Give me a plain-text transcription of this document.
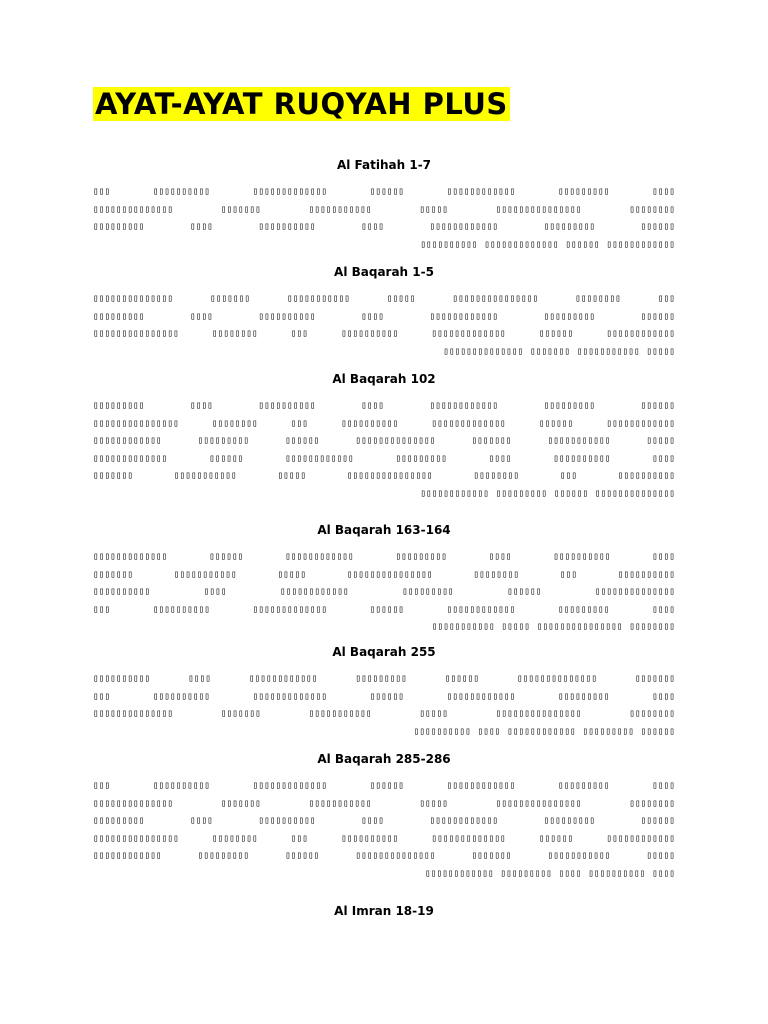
AYAT-AYAT RUQYAH PLUS
Al Fatihah 1-7
▯▯▯▯ ▯▯▯▯▯▯▯▯▯ ▯▯▯▯▯▯▯▯▯▯▯▯ ▯▯▯▯▯▯ ▯▯▯▯▯▯▯▯▯▯▯▯▯ ▯▯▯▯▯▯▯▯▯▯ ▯▯▯
▯▯▯▯▯▯▯▯ ▯▯▯▯▯▯▯▯▯▯▯▯▯▯▯ ▯▯▯▯▯ ▯▯▯▯▯▯▯▯▯▯▯ ▯▯▯▯▯▯▯ ▯▯▯▯▯▯▯▯▯▯▯▯▯▯
▯▯▯▯▯▯ ▯▯▯▯▯▯▯▯▯ ▯▯▯▯▯▯▯▯▯▯▯▯ ▯▯▯▯ ▯▯▯▯▯▯▯▯▯▯ ▯▯▯▯ ▯▯▯▯▯▯▯▯▯
▯▯▯▯▯▯▯▯▯▯▯▯ ▯▯▯▯▯▯ ▯▯▯▯▯▯▯▯▯▯▯▯▯ ▯▯▯▯▯▯▯▯▯▯
Al Baqarah 1-5
▯▯▯ ▯▯▯▯▯▯▯▯ ▯▯▯▯▯▯▯▯▯▯▯▯▯▯▯ ▯▯▯▯▯ ▯▯▯▯▯▯▯▯▯▯▯ ▯▯▯▯▯▯▯ ▯▯▯▯▯▯▯▯▯▯▯▯▯▯
▯▯▯▯▯▯ ▯▯▯▯▯▯▯▯▯ ▯▯▯▯▯▯▯▯▯▯▯▯ ▯▯▯▯ ▯▯▯▯▯▯▯▯▯▯ ▯▯▯▯ ▯▯▯▯▯▯▯▯▯
▯▯▯▯▯▯▯▯▯▯▯▯ ▯▯▯▯▯▯ ▯▯▯▯▯▯▯▯▯▯▯▯▯ ▯▯▯▯▯▯▯▯▯▯ ▯▯▯ ▯▯▯▯▯▯▯▯ ▯▯▯▯▯▯▯▯▯▯▯▯▯▯▯
▯▯▯▯▯ ▯▯▯▯▯▯▯▯▯▯▯ ▯▯▯▯▯▯▯ ▯▯▯▯▯▯▯▯▯▯▯▯▯▯
Al Baqarah 102
▯▯▯▯▯▯ ▯▯▯▯▯▯▯▯▯ ▯▯▯▯▯▯▯▯▯▯▯▯ ▯▯▯▯ ▯▯▯▯▯▯▯▯▯▯ ▯▯▯▯ ▯▯▯▯▯▯▯▯▯
▯▯▯▯▯▯▯▯▯▯▯▯ ▯▯▯▯▯▯ ▯▯▯▯▯▯▯▯▯▯▯▯▯ ▯▯▯▯▯▯▯▯▯▯ ▯▯▯ ▯▯▯▯▯▯▯▯ ▯▯▯▯▯▯▯▯▯▯▯▯▯▯▯
▯▯▯▯▯ ▯▯▯▯▯▯▯▯▯▯▯ ▯▯▯▯▯▯▯ ▯▯▯▯▯▯▯▯▯▯▯▯▯▯ ▯▯▯▯▯▯ ▯▯▯▯▯▯▯▯▯ ▯▯▯▯▯▯▯▯▯▯▯▯
▯▯▯▯ ▯▯▯▯▯▯▯▯▯▯ ▯▯▯▯ ▯▯▯▯▯▯▯▯▯ ▯▯▯▯▯▯▯▯▯▯▯▯ ▯▯▯▯▯▯ ▯▯▯▯▯▯▯▯▯▯▯▯▯
▯▯▯▯▯▯▯▯▯▯ ▯▯▯ ▯▯▯▯▯▯▯▯ ▯▯▯▯▯▯▯▯▯▯▯▯▯▯▯ ▯▯▯▯▯ ▯▯▯▯▯▯▯▯▯▯▯ ▯▯▯▯▯▯▯
▯▯▯▯▯▯▯▯▯▯▯▯▯▯ ▯▯▯▯▯▯ ▯▯▯▯▯▯▯▯▯ ▯▯▯▯▯▯▯▯▯▯▯▯
Al Baqarah 163-164
▯▯▯▯ ▯▯▯▯▯▯▯▯▯▯ ▯▯▯▯ ▯▯▯▯▯▯▯▯▯ ▯▯▯▯▯▯▯▯▯▯▯▯ ▯▯▯▯▯▯ ▯▯▯▯▯▯▯▯▯▯▯▯▯
▯▯▯▯▯▯▯▯▯▯ ▯▯▯ ▯▯▯▯▯▯▯▯ ▯▯▯▯▯▯▯▯▯▯▯▯▯▯▯ ▯▯▯▯▯ ▯▯▯▯▯▯▯▯▯▯▯ ▯▯▯▯▯▯▯
▯▯▯▯▯▯▯▯▯▯▯▯▯▯ ▯▯▯▯▯▯ ▯▯▯▯▯▯▯▯▯ ▯▯▯▯▯▯▯▯▯▯▯▯ ▯▯▯▯ ▯▯▯▯▯▯▯▯▯▯
▯▯▯▯ ▯▯▯▯▯▯▯▯▯ ▯▯▯▯▯▯▯▯▯▯▯▯ ▯▯▯▯▯▯ ▯▯▯▯▯▯▯▯▯▯▯▯▯ ▯▯▯▯▯▯▯▯▯▯ ▯▯▯
▯▯▯▯▯▯▯▯ ▯▯▯▯▯▯▯▯▯▯▯▯▯▯▯ ▯▯▯▯▯ ▯▯▯▯▯▯▯▯▯▯▯
Al Baqarah 255
▯▯▯▯▯▯▯ ▯▯▯▯▯▯▯▯▯▯▯▯▯▯ ▯▯▯▯▯▯ ▯▯▯▯▯▯▯▯▯ ▯▯▯▯▯▯▯▯▯▯▯▯ ▯▯▯▯ ▯▯▯▯▯▯▯▯▯▯
▯▯▯▯ ▯▯▯▯▯▯▯▯▯ ▯▯▯▯▯▯▯▯▯▯▯▯ ▯▯▯▯▯▯ ▯▯▯▯▯▯▯▯▯▯▯▯▯ ▯▯▯▯▯▯▯▯▯▯ ▯▯▯
▯▯▯▯▯▯▯▯ ▯▯▯▯▯▯▯▯▯▯▯▯▯▯▯ ▯▯▯▯▯ ▯▯▯▯▯▯▯▯▯▯▯ ▯▯▯▯▯▯▯ ▯▯▯▯▯▯▯▯▯▯▯▯▯▯
▯▯▯▯▯▯ ▯▯▯▯▯▯▯▯▯ ▯▯▯▯▯▯▯▯▯▯▯▯ ▯▯▯▯ ▯▯▯▯▯▯▯▯▯▯
Al Baqarah 285-286
▯▯▯▯ ▯▯▯▯▯▯▯▯▯ ▯▯▯▯▯▯▯▯▯▯▯▯ ▯▯▯▯▯▯ ▯▯▯▯▯▯▯▯▯▯▯▯▯ ▯▯▯▯▯▯▯▯▯▯ ▯▯▯
▯▯▯▯▯▯▯▯ ▯▯▯▯▯▯▯▯▯▯▯▯▯▯▯ ▯▯▯▯▯ ▯▯▯▯▯▯▯▯▯▯▯ ▯▯▯▯▯▯▯ ▯▯▯▯▯▯▯▯▯▯▯▯▯▯
▯▯▯▯▯▯ ▯▯▯▯▯▯▯▯▯ ▯▯▯▯▯▯▯▯▯▯▯▯ ▯▯▯▯ ▯▯▯▯▯▯▯▯▯▯ ▯▯▯▯ ▯▯▯▯▯▯▯▯▯
▯▯▯▯▯▯▯▯▯▯▯▯ ▯▯▯▯▯▯ ▯▯▯▯▯▯▯▯▯▯▯▯▯ ▯▯▯▯▯▯▯▯▯▯ ▯▯▯ ▯▯▯▯▯▯▯▯ ▯▯▯▯▯▯▯▯▯▯▯▯▯▯▯
▯▯▯▯▯ ▯▯▯▯▯▯▯▯▯▯▯ ▯▯▯▯▯▯▯ ▯▯▯▯▯▯▯▯▯▯▯▯▯▯ ▯▯▯▯▯▯ ▯▯▯▯▯▯▯▯▯ ▯▯▯▯▯▯▯▯▯▯▯▯
▯▯▯▯ ▯▯▯▯▯▯▯▯▯▯ ▯▯▯▯ ▯▯▯▯▯▯▯▯▯ ▯▯▯▯▯▯▯▯▯▯▯▯
Al Imran 18-19
